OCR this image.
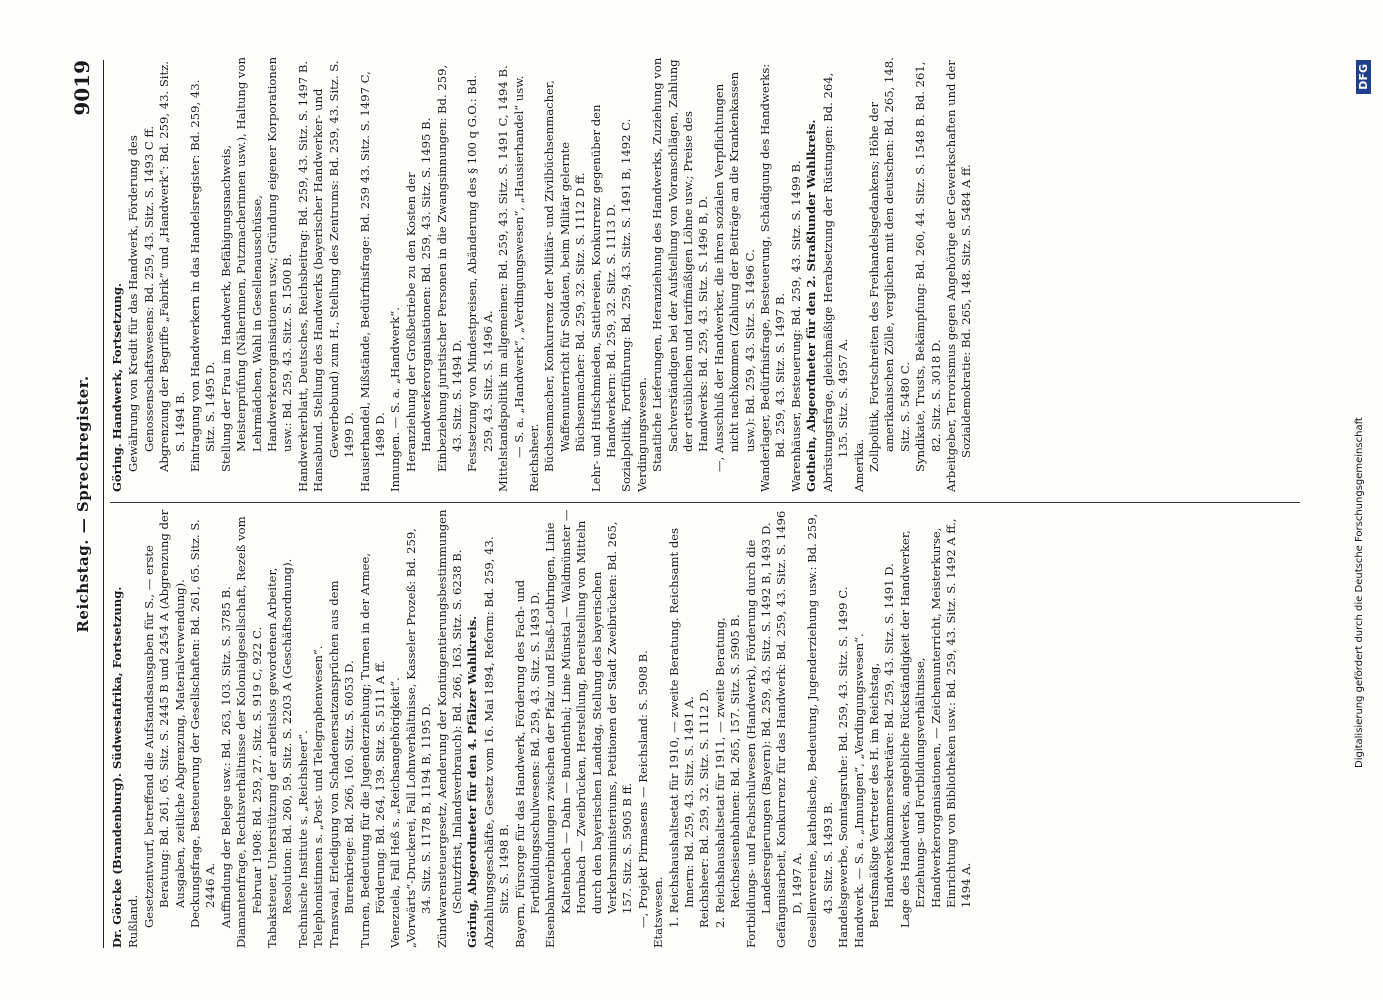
Reichstag. — Sprechregister.
9019

Dr. Görcke (Brandenburg). Südwestafrika, Fortsetzung. Rußland. Gesetzentwurf, betreffend die Aufstandsausgaben für S., — erste Beratung: Bd. 261, 65. Sitz. S. 2445 B und 2454 A (Abgrenzung der Ausgaben, zeitliche Abgrenzung, Materialverwendung). Deckungsfrage, Besteuerung der Gesellschaften: Bd. 261, 65. Sitz. S. 2446 A. Auffindung der Belege usw.: Bd. 263, 103. Sitz. S. 3785 B. Diamantenfrage, Rechtsverhältnisse der Kolonialgesellschaft, Rezeß vom Februar 1908: Bd. 259, 27. Sitz. S. 919 C, 922 C. Tabaksteuer, Unterstützung der arbeitslos gewordenen Arbeiter, Resolution: Bd. 260, 59. Sitz. S. 2203 A (Geschäftsordnung). Technische Institute s. „Reichsheer“. Telephonistinnen s. „Post- und Telegraphenwesen“. Transvaal, Erledigung von Schadenersatzansprüchen aus dem Burenkriege: Bd. 266, 160. Sitz. S. 6053 D. Turnen, Bedeutung für die Jugenderziehung; Turnen in der Armee, Förderung: Bd. 264, 139. Sitz. S. 5111 A ff. Venezuela, Fall Heß s. „Reichsangehörigkeit“. „Vorwärts“-Druckerei, Fall Lohnverhältnisse, Kasseler Prozeß: Bd. 259, 34. Sitz. S. 1178 B, 1194 B, 1195 D. Zündwarensteuergesetz, Aenderung der Kontingentierungsbestimmungen (Schutzfrist, Inlandsverbrauch): Bd. 266, 163. Sitz. S. 6238 B. Göring, Abgeordneter für den 4. Pfälzer Wahlkreis. Abzahlungsgeschäfte, Gesetz vom 16. Mai 1894, Reform: Bd. 259, 43. Sitz. S. 1498 B. Bayern, Fürsorge für das Handwerk, Förderung des Fach- und Fortbildungsschulwesens: Bd. 259, 43. Sitz. S. 1493 D. Eisenbahnverbindungen zwischen der Pfalz und Elsaß-Lothringen, Linie Kaltenbach — Dahn — Bundenthal; Linie Münstal — Waldmünster — Hornbach — Zweibrücken, Herstellung, Bereitstellung von Mitteln durch den bayerischen Landtag, Stellung des bayerischen Verkehrsministeriums, Petitionen der Stadt Zweibrücken: Bd. 265, 157. Sitz. S. 5905 B ff. —, Projekt Pirmasens — Reichsland: S. 5908 B. Etatswesen. 1. Reichshaushaltsetat für 1910, — zweite Beratung. Reichsamt des Innern: Bd. 259, 43. Sitz. S. 1491 A. Reichsheer: Bd. 259, 32. Sitz. S. 1112 D. 2. Reichshaushaltsetat für 1911, — zweite Beratung, Reichseisenbahnen: Bd. 265, 157. Sitz. S. 5905 B. Fortbildungs- und Fachschulwesen (Handwerk), Förderung durch die Landesregierungen (Bayern): Bd. 259, 43. Sitz. S. 1492 B, 1493 D. Gefängnisarbeit, Konkurrenz für das Handwerk: Bd. 259, 43. Sitz. S. 1496 D, 1497 A. Gesellenvereine, katholische, Bedeutung, Jugenderziehung usw.: Bd. 259, 43. Sitz. S. 1493 B. Handelsgewerbe, Sonntagsruhe: Bd. 259, 43. Sitz. S. 1499 C. Handwerk. — S. a. „Innungen“, „Verdingungswesen“. Berufsmäßige Vertreter des H. im Reichstag, Handwerkskammersekretäre: Bd. 259, 43. Sitz. S. 1491 D. Lage des Handwerks, angebliche Rückständigkeit der Handwerker, Erziehungs- und Fortbildungsverhältnisse, Handwerkerorganisationen, — Zeichenunterricht, Meisterkurse, Einrichtung von Bibliotheken usw.: Bd. 259, 43. Sitz. S. 1492 A ff., 1494 A.

Göring. Handwerk, Fortsetzung. Gewährung von Kredit für das Handwerk, Förderung des Genossenschaftswesens: Bd. 259, 43. Sitz. S. 1493 C ff. Abgrenzung der Begriffe „Fabrik“ und „Handwerk“: Bd. 259, 43. Sitz. S. 1494 B. Eintragung von Handwerkern in das Handelsregister: Bd. 259, 43. Sitz. S. 1495 D. Stellung der Frau im Handwerk, Befähigungsnachweis, Meisterprüfung (Näherinnen, Putzmacherinnen usw.), Haltung von Lehrmädchen, Wahl in Gesellenausschüsse, Handwerkerorganisationen usw.; Gründung eigener Korporationen usw.: Bd. 259, 43. Sitz. S. 1500 B. Handwerkerblatt, Deutsches, Reichsbeitrag: Bd. 259, 43. Sitz. S. 1497 B. Hansabund. Stellung des Handwerks (bayerischer Handwerker- und Gewerbebund) zum H., Stellung des Zentrums: Bd. 259, 43. Sitz. S. 1499 D. Hausierhandel, Mißstände, Bedürfnisfrage: Bd. 259 43. Sitz. S. 1497 C, 1498 D. Innungen. — S. a. „Handwerk“. Heranziehung der Großbetriebe zu den Kosten der Handwerkerorganisationen: Bd. 259, 43. Sitz. S. 1495 B. Einbeziehung juristischer Personen in die Zwangsinnungen: Bd. 259, 43. Sitz. S. 1494 D. Festsetzung von Mindestpreisen, Abänderung des § 100 q G.O.: Bd. 259, 43. Sitz. S. 1496 A. Mittelstandspolitik im allgemeinen: Bd. 259, 43. Sitz. S. 1491 C, 1494 B. — S. a. „Handwerk“, „Verdingungswesen“, „Hausierhandel“ usw. Reichsheer. Büchsenmacher, Konkurrenz der Militär- und Zivilbüchsenmacher, Waffenunterricht für Soldaten, beim Militär gelernte Büchsenmacher: Bd. 259, 32. Sitz. S. 1112 D ff. Lehr- und Hufschmieden, Sattlereien, Konkurrenz gegenüber den Handwerkern: Bd. 259, 32. Sitz. S. 1113 D. Sozialpolitik, Fortführung: Bd. 259, 43. Sitz. S. 1491 B, 1492 C. Verdingungswesen. Staatliche Lieferungen, Heranziehung des Handwerks, Zuziehung von Sachverständigen bei der Aufstellung von Voranschlägen, Zahlung der ortsüblichen und tarifmäßigen Löhne usw.; Preise des Handwerks: Bd. 259, 43. Sitz. S. 1496 B, D. —, Ausschluß der Handwerker, die ihren sozialen Verpflichtungen nicht nachkommen (Zahlung der Beiträge an die Krankenkassen usw.): Bd. 259, 43. Sitz. S. 1496 C. Wanderlager, Bedürfnisfrage, Besteuerung, Schädigung des Handwerks: Bd. 259, 43. Sitz. S. 1497 B. Warenhäuser, Besteuerung: Bd. 259, 43. Sitz. S. 1499 B. Gothein, Abgeordneter für den 2. Straßlunder Wahlkreis. Abrüstungsfrage, gleichmäßige Herabsetzung der Rüstungen: Bd. 264, 135. Sitz. S. 4957 A.

Amerika. Zollpolitik, Fortschreiten des Freihandelsgedankens; Höhe der amerikanischen Zölle, verglichen mit den deutschen: Bd. 265, 148. Sitz. S. 5480 C. Syndikate, Trusts, Bekämpfung: Bd. 260, 44. Sitz. S. 1548 B. Bd. 261, 82. Sitz. S. 3018 D. Arbeitgeber, Terrorismus gegen Angehörige der Gewerkschaften und der Sozialdemokratie: Bd. 265, 148. Sitz. S. 5484 A ff.

Digitalisierung gefördert durch die Deutsche Forschungsgemeinschaft
DFG
